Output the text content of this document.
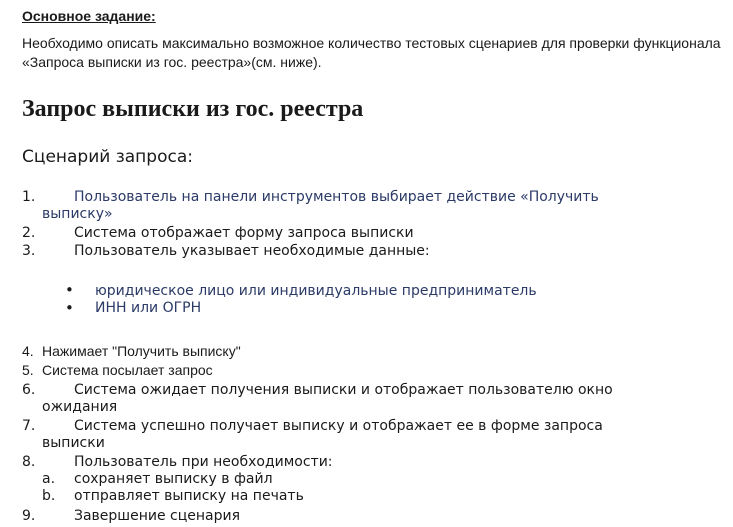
Основное задание:
Необходимо описать максимально возможное количество тестовых сценариев для проверки функционала «Запроса выписки из гос. реестра»(см. ниже).
Запрос выписки из гос. реестра
Сценарий запроса:
1.	Пользователь на панели инструментов выбирает действие «Получить
выписку»
2.	Система отображает форму запроса выписки
3.	Пользователь указывает необходимые данные:
• юридическое лицо или индивидуальные предприниматель
• ИНН или ОГРН
4. Нажимает "Получить выписку"
5. Система посылает запрос
6.	Система ожидает получения выписки и отображает пользователю окно
ожидания
7.	Система успешно получает выписку и отображает ее в форме запроса
выписки
8.	Пользователь при необходимости:
a. сохраняет выписку в файл
b. отправляет выписку на печать
9.	Завершение сценария
